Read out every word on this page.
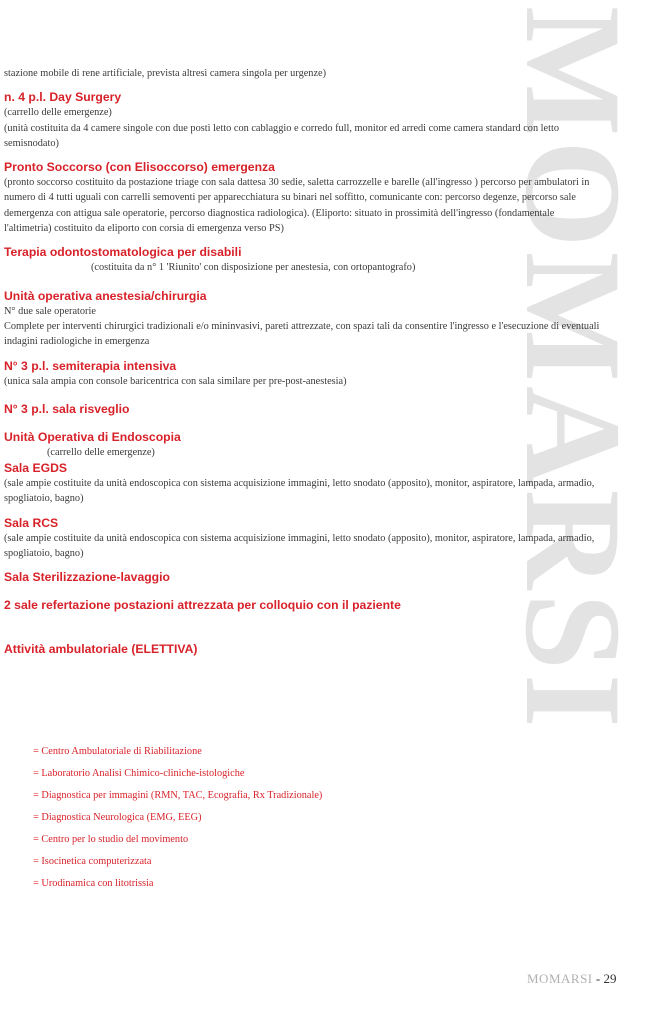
MOMARSI

stazione mobile di rene artificiale, prevista altresì camera singola per urgenze)

n. 4 p.l. Day Surgery

(carrello delle emergenze)

(unità costituita da 4 camere singole con due posti letto con cablaggio e corredo full, monitor ed arredi come camera standard con letto semisnodato)

Pronto Soccorso (con Elisoccorso) emergenza

(pronto soccorso costituito da postazione triage con sala dattesa 30 sedie, saletta carrozzelle e barelle (all'ingresso ) percorso per ambulatori in numero di 4 tutti uguali con carrelli semoventi per apparecchiatura su binari nel soffitto, comunicante con: percorso degenze, percorso sale demergenza con attigua sale operatorie, percorso diagnostica radiologica). (Eliporto: situato in prossimità dell'ingresso (fondamentale l'altimetria) costituito da eliporto con corsia di emergenza verso PS)

Terapia odontostomatologica per disabili

(costituita da n° 1 'Riunito' con disposizione per anestesia, con ortopantografo)

Unità operativa anestesia/chirurgia

N° due sale operatorie

Complete per interventi chirurgici tradizionali e/o mininvasivi, pareti attrezzate, con spazi tali da consentire l'ingresso e l'esecuzione di eventuali indagini radiologiche in emergenza

N° 3 p.l. semiterapia intensiva

(unica sala ampia con console baricentrica con sala similare per pre-post-anestesia)

N° 3 p.l. sala risveglio

Unità Operativa di Endoscopia

(carrello delle emergenze)

Sala EGDS

(sale ampie costituite da unità endoscopica con sistema acquisizione immagini, letto snodato (apposito), monitor, aspiratore, lampada, armadio, spogliatoio, bagno)

Sala RCS

(sale ampie costituite da unità endoscopica con sistema acquisizione immagini, letto snodato (apposito), monitor, aspiratore, lampada, armadio, spogliatoio, bagno)

Sala Sterilizzazione-lavaggio

2 sale refertazione postazioni attrezzata per colloquio con il paziente

Attività ambulatoriale (ELETTIVA)

= Centro Ambulatoriale di Riabilitazione
= Laboratorio Analisi Chimico-cliniche-istologiche
= Diagnostica per immagini (RMN, TAC, Ecografia, Rx Tradizionale)
= Diagnostica Neurologica (EMG, EEG)
= Centro per lo studio del movimento
= Isocinetica computerizzata
= Urodinamica con litotrissia
MOMARSI - 29
